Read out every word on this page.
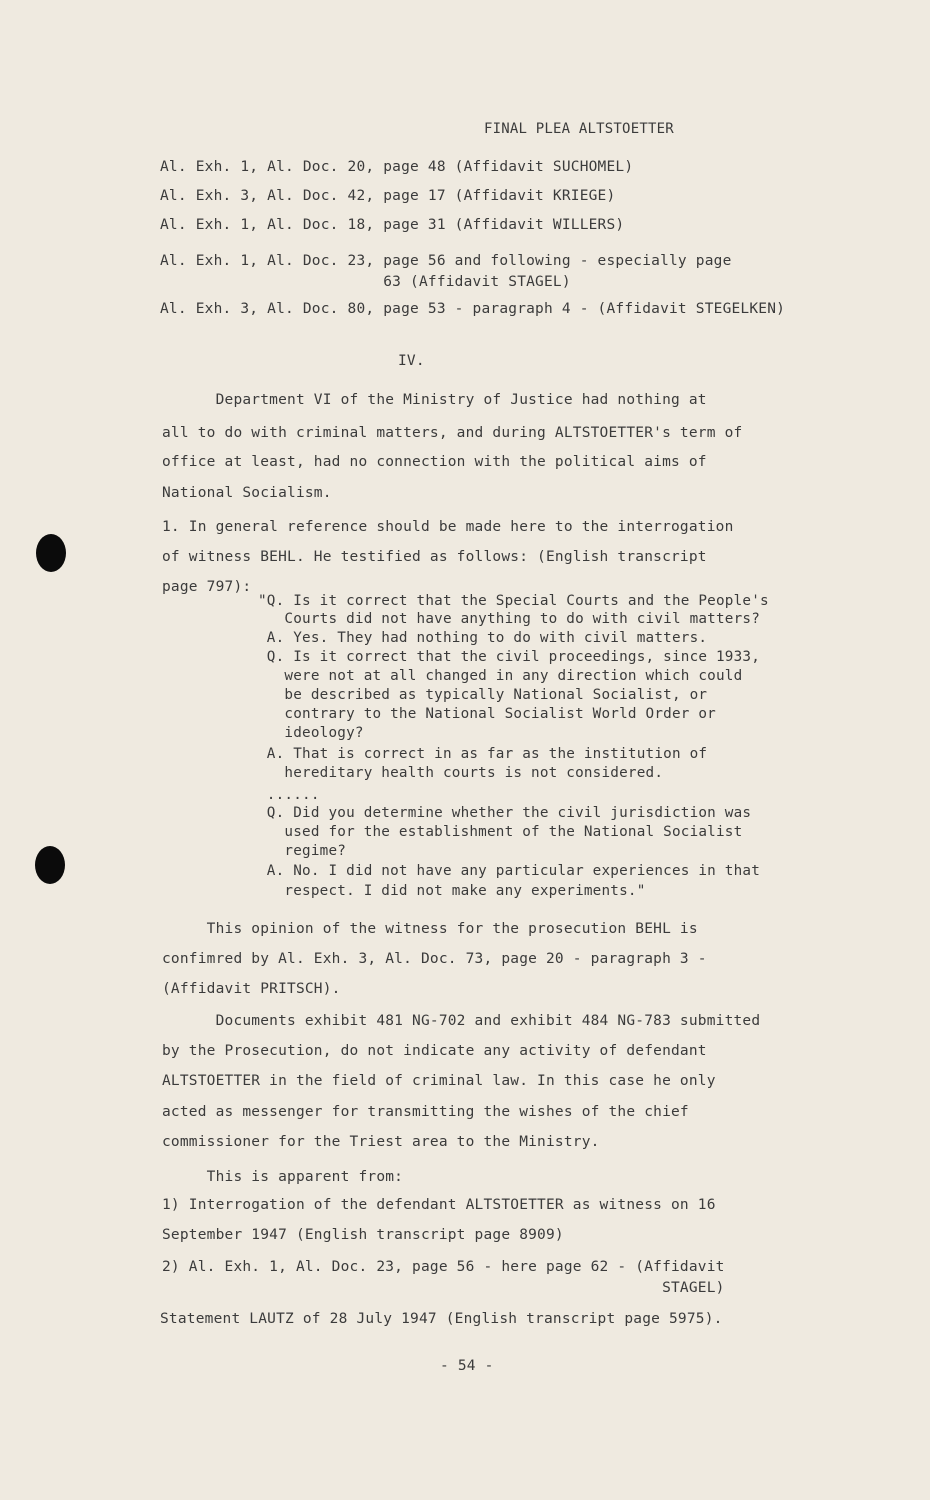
FINAL PLEA ALTSTOETTER
Al. Exh. 1, Al. Doc. 20, page 48 (Affidavit SUCHOMEL)
Al. Exh. 3, Al. Doc. 42, page 17 (Affidavit KRIEGE)
Al. Exh. 1, Al. Doc. 18, page 31 (Affidavit WILLERS)
Al. Exh. 1, Al. Doc. 23, page 56 and following - especially page
63 (Affidavit STAGEL)
Al. Exh. 3, Al. Doc. 80, page 53 - paragraph 4 - (Affidavit STEGELKEN)
IV.
Department VI of the Ministry of Justice had nothing at
all to do with criminal matters, and during ALTSTOETTER's term of
office at least, had no connection with the political aims of
National Socialism.
1. In general reference should be made here to the interrogation
of witness BEHL. He testified as follows: (English transcript
page 797):
"Q. Is it correct that the Special Courts and the People's
Courts did not have anything to do with civil matters?
A. Yes. They had nothing to do with civil matters.
Q. Is it correct that the civil proceedings, since 1933,
were not at all changed in any direction which could
be described as typically National Socialist, or
contrary to the National Socialist World Order or
ideology?
A. That is correct in as far as the institution of
hereditary health courts is not considered.
......
Q. Did you determine whether the civil jurisdiction was
used for the establishment of the National Socialist
regime?
A. No. I did not have any particular experiences in that
respect. I did not make any experiments."
This opinion of the witness for the prosecution BEHL is
confimred by Al. Exh. 3, Al. Doc. 73, page 20 - paragraph 3 -
(Affidavit PRITSCH).
Documents exhibit 481 NG-702 and exhibit 484 NG-783 submitted
by the Prosecution, do not indicate any activity of defendant
ALTSTOETTER in the field of criminal law. In this case he only
acted as messenger for transmitting the wishes of the chief
commissioner for the Triest area to the Ministry.
This is apparent from:
1) Interrogation of the defendant ALTSTOETTER as witness on 16
September 1947 (English transcript page 8909)
2) Al. Exh. 1, Al. Doc. 23, page 56 - here page 62 - (Affidavit
STAGEL)
Statement LAUTZ of 28 July 1947 (English transcript page 5975).
- 54 -
